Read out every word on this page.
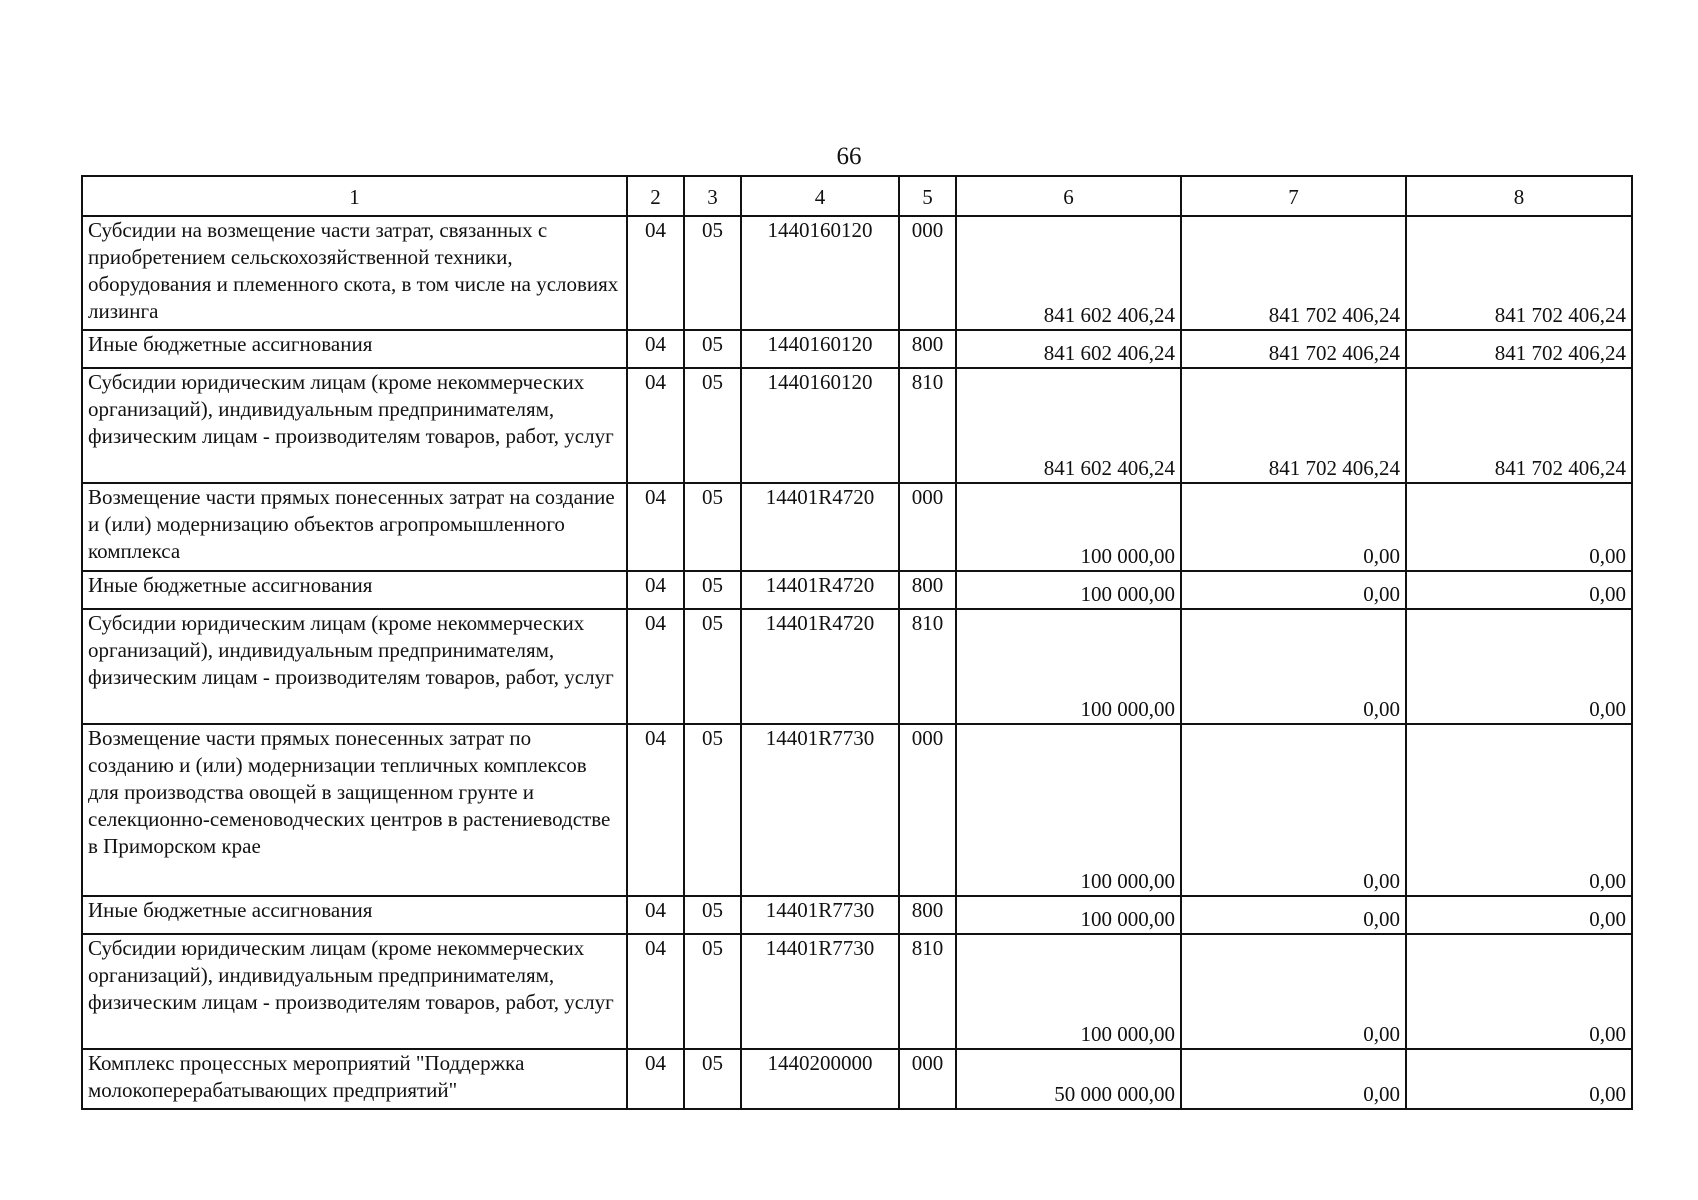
66
1	2	3	4	5	6	7	8
Субсидии на возмещение части затрат, связанных с приобретением сельскохозяйственной техники, оборудования и племенного скота, в том числе на условиях лизинга	04	05	1440160120	000	841 602 406,24	841 702 406,24	841 702 406,24
Иные бюджетные ассигнования	04	05	1440160120	800	841 602 406,24	841 702 406,24	841 702 406,24
Субсидии юридическим лицам (кроме некоммерческих организаций), индивидуальным предпринимателям, физическим лицам - производителям товаров, работ, услуг	04	05	1440160120	810	841 602 406,24	841 702 406,24	841 702 406,24
Возмещение части прямых понесенных затрат на создание и (или) модернизацию объектов агропромышленного комплекса	04	05	14401R4720	000	100 000,00	0,00	0,00
Иные бюджетные ассигнования	04	05	14401R4720	800	100 000,00	0,00	0,00
Субсидии юридическим лицам (кроме некоммерческих организаций), индивидуальным предпринимателям, физическим лицам - производителям товаров, работ, услуг	04	05	14401R4720	810	100 000,00	0,00	0,00
Возмещение части прямых понесенных затрат по созданию и (или) модернизации тепличных комплексов для производства овощей в защищенном грунте и селекционно-семеноводческих центров в растениеводстве в Приморском крае	04	05	14401R7730	000	100 000,00	0,00	0,00
Иные бюджетные ассигнования	04	05	14401R7730	800	100 000,00	0,00	0,00
Субсидии юридическим лицам (кроме некоммерческих организаций), индивидуальным предпринимателям, физическим лицам - производителям товаров, работ, услуг	04	05	14401R7730	810	100 000,00	0,00	0,00
Комплекс процессных мероприятий "Поддержка молокоперерабатывающих предприятий"	04	05	1440200000	000	50 000 000,00	0,00	0,00
